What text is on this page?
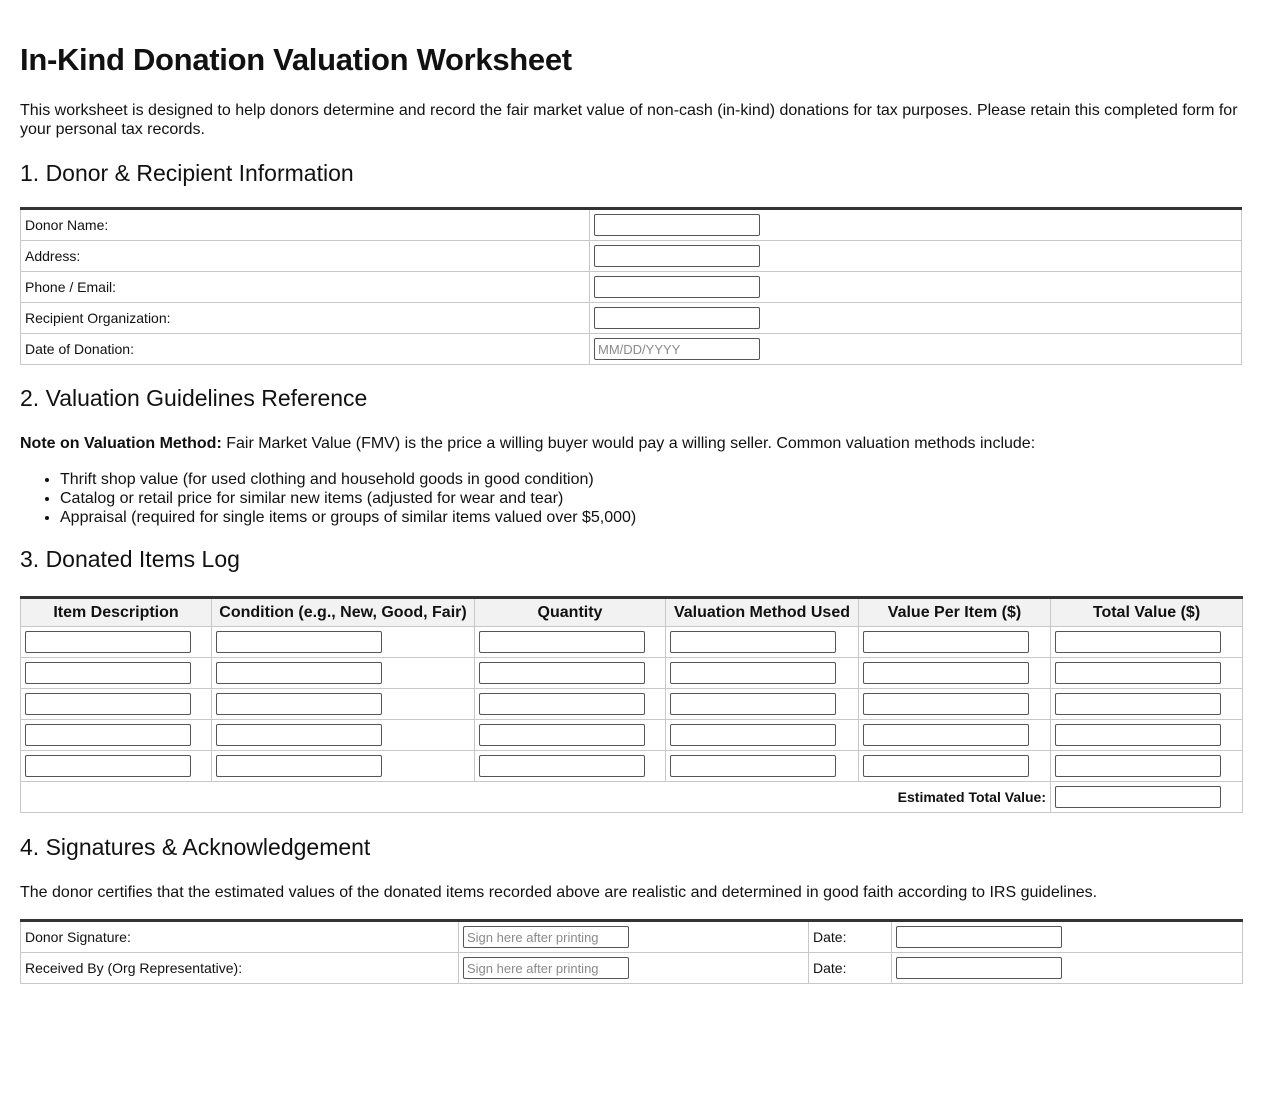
In-Kind Donation Valuation Worksheet

This worksheet is designed to help donors determine and record the fair market value of non-cash (in-kind) donations for tax purposes. Please retain this completed form for your personal tax records.

1. Donor & Recipient Information
Donor Name:	

Address:	

Phone / Email:	

Recipient Organization:	

Date of Donation:	
MM/DD/YYYY
2. Valuation Guidelines Reference

Note on Valuation Method: Fair Market Value (FMV) is the price a willing buyer would pay a willing seller. Common valuation methods include:

• Thrift shop value (for used clothing and household goods in good condition)
• Catalog or retail price for similar new items (adjusted for wear and tear)
• Appraisal (required for single items or groups of similar items valued over $5,000)
3. Donated Items Log
Item Description	Condition (e.g., New, Good, Fair)	Quantity	Valuation Method Used	Value Per Item ($)	Total Value ($)

Estimated Total Value:	
4. Signatures & Acknowledgement

The donor certifies that the estimated values of the donated items recorded above are realistic and determined in good faith according to IRS guidelines.

Donor Signature:	
Sign here after printing	Date:	

Received By (Org Representative):	
Sign here after printing	Date:	
